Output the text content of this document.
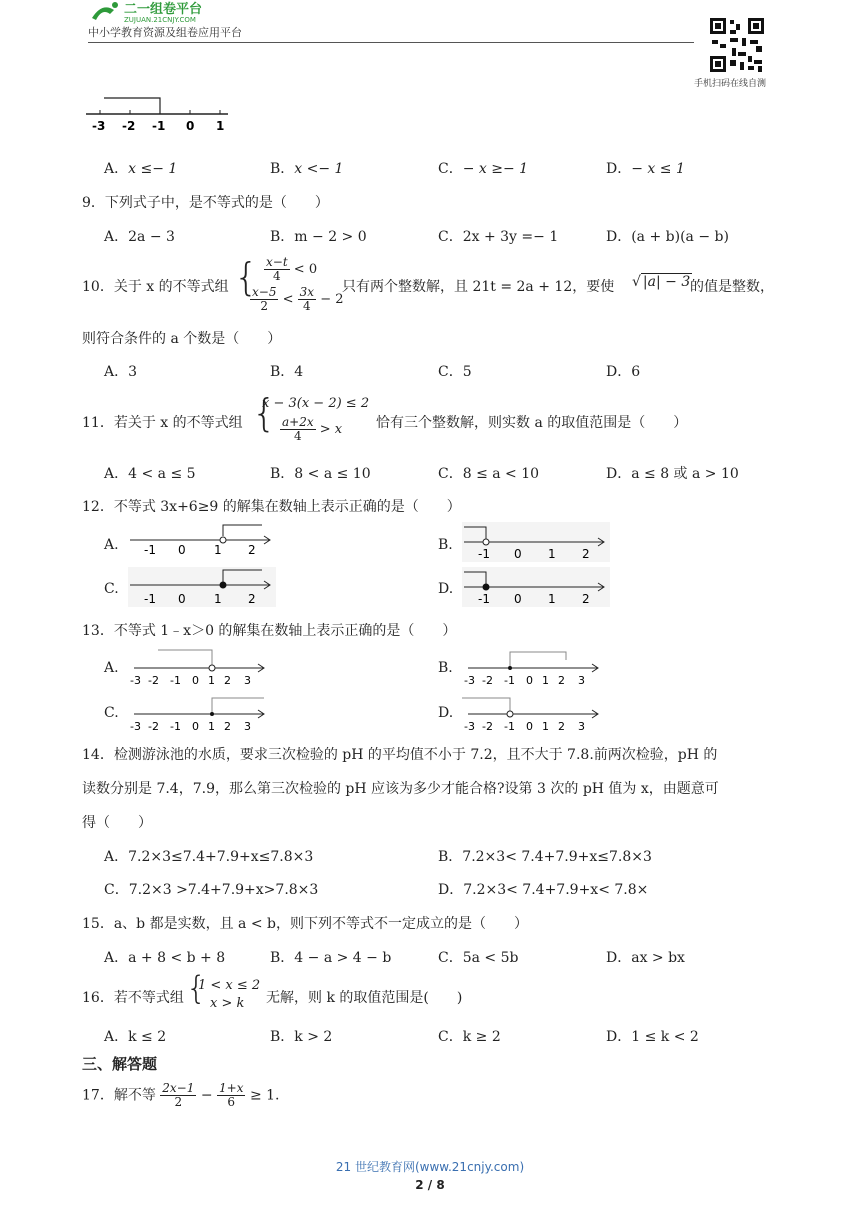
二一组卷平台
ZUJUAN.21CNJY.COM
中小学教育资源及组卷应用平台
手机扫码在线自测
-3 -2 -1 0 1
A．x ≤− 1	B．x <− 1	C．− x ≥− 1	D．− x ≤ 1
9．下列式子中，是不等式的是（　　）
A．2a − 3	B．m − 2 > 0	C．2x + 3y =− 1	D．(a + b)(a − b)
10．关于 x 的不等式组 { $\frac{x-t}{4} < 0$
$\frac{x-5}{2} < \frac{3x}{4} - 2$
只有两个整数解，且 21t = 2a + 12，要使 √ |a| − 3 的值是整数，
则符合条件的 a 个数是（　　）
A．3	B．4	C．5	D．6
11．若关于 x 的不等式组 {
x − 3(x − 2) ≤ 2
$\frac{a+2x}{4} > x$ 恰有三个整数解，则实数 a 的取值范围是（　　）
A．4 < a ≤ 5	B．8 < a ≤ 10	C．8 ≤ a < 10	D．a ≤ 8 或 a > 10
12．不等式 3x+6≥9 的解集在数轴上表示正确的是（　　）
A. -1 0 1 2	B.
-1 0 1 2
C.
-1 0 1 2
D.
-1 0 1 2
13．不等式 1﹣x＞0 的解集在数轴上表示正确的是（　　）
A.
-3 -2 -1 0 1 2 3
B.
-3 -2 -1 0 1 2 3
C.
-3 -2 -1 0 1 2 3
D.
-3 -2 -1 0 1 2 3
14．检测游泳池的水质，要求三次检验的 pH 的平均值不小于 7.2，且不大于 7.8.前两次检验，pH 的
读数分别是 7.4，7.9，那么第三次检验的 pH 应该为多少才能合格?设第 3 次的 pH 值为 x，由题意可
得（　　）
A．7.2×3≤7.4+7.9+x≤7.8×3	B．7.2×3< 7.4+7.9+x≤7.8×3
C．7.2×3 >7.4+7.9+x>7.8×3	D．7.2×3< 7.4+7.9+x< 7.8×
15．a、b 都是实数，且 a < b，则下列不等式不一定成立的是（　　）
A．a + 8 < b + 8	B．4 − a > 4 − b	C．5a < 5b	D．ax > bx
16．若不等式组 {
1 < x ≤ 2
x > k 无解，则 k 的取值范围是(　　)
A．k ≤ 2	B．k > 2	C．k ≥ 2	D．1 ≤ k < 2
三、解答题
17．解不等 $\frac{2x-1}{2} - \frac{1+x}{6} \ge 1$.
21 世纪教育网(www.21cnjy.com)
2 / 8
